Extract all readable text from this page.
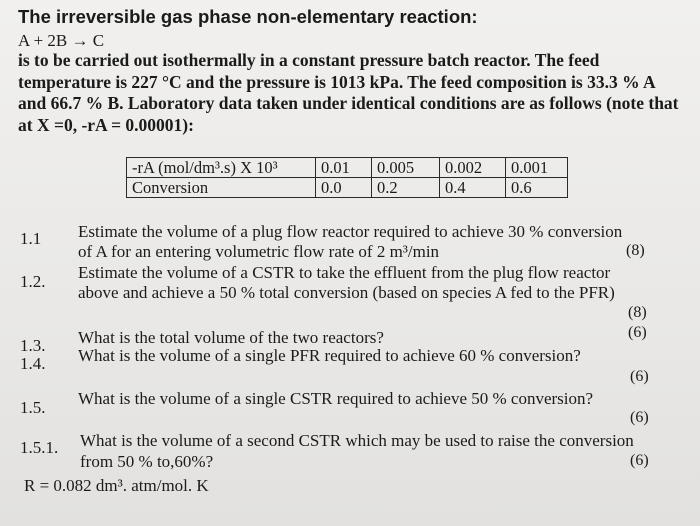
The irreversible gas phase non-elementary reaction:
A + 2B → C
is to be carried out isothermally in a constant pressure batch reactor. The feed
temperature is 227 °C and the pressure is 1013 kPa. The feed composition is 33.3 % A
and 66.7 % B. Laboratory data taken under identical conditions are as follows (note that
at X =0, -rA = 0.00001):
-rA (mol/dm³.s) X 10³	0.01	0.005	0.002	0.001
Conversion	0.0	0.2	0.4	0.6
1.1 Estimate the volume of a plug flow reactor required to achieve 30 % conversion
of A for an entering volumetric flow rate of 2 m³/min	(8)
1.2. Estimate the volume of a CSTR to take the effluent from the plug flow reactor
above and achieve a 50 % total conversion (based on species A fed to the PFR)
(8)
1.3. What is the total volume of the two reactors?	(6)
1.4. What is the volume of a single PFR required to achieve 60 % conversion?
(6)
1.5. What is the volume of a single CSTR required to achieve 50 % conversion?
(6)
1.5.1. What is the volume of a second CSTR which may be used to raise the conversion
from 50 % to,60%?	(6)
R = 0.082 dm³. atm/mol. K
